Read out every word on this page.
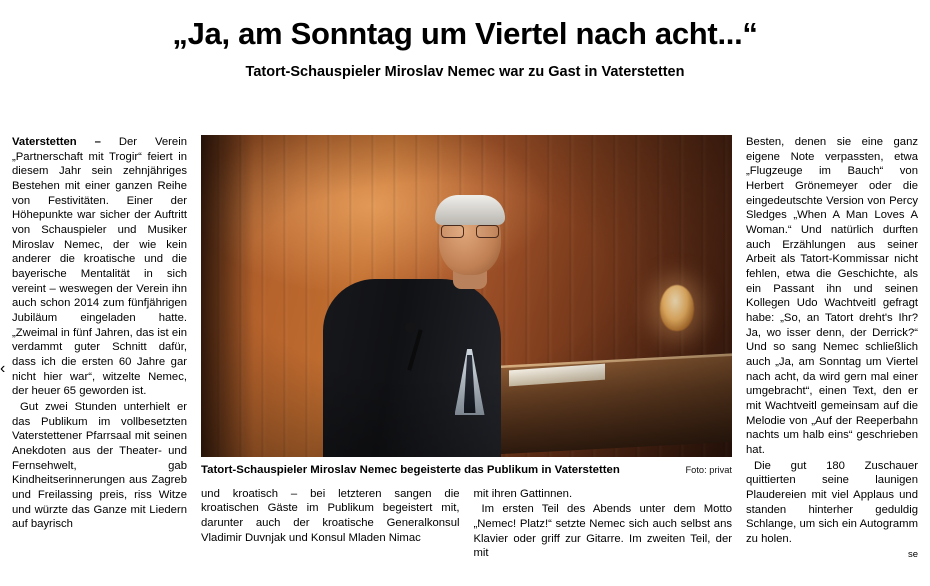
„Ja, am Sonntag um Viertel nach acht...“
Tatort-Schauspieler Miroslav Nemec war zu Gast in Vaterstetten
‹

Vaterstetten – Der Verein „Partnerschaft mit Trogir“ feiert in diesem Jahr sein zehnjähriges Bestehen mit einer ganzen Reihe von Festivitäten. Einer der Höhepunkte war sicher der Auftritt von Schauspieler und Musiker Miroslav Nemec, der wie kein anderer die kroatische und die bayerische Mentalität in sich vereint – weswegen der Verein ihn auch schon 2014 zum fünfjährigen Jubiläum eingeladen hatte. „Zweimal in fünf Jahren, das ist ein verdammt guter Schnitt dafür, dass ich die ersten 60 Jahre gar nicht hier war“, witzelte Nemec, der heuer 65 geworden ist.

Gut zwei Stunden unterhielt er das Publikum im vollbesetzten Vaterstettener Pfarrsaal mit seinen Anekdoten aus der Theater- und Fernsehwelt, gab Kindheitserinnerungen aus Zagreb und Freilassing preis, riss Witze und würzte das Ganze mit Liedern auf bayrisch

Tatort-Schauspieler Miroslav Nemec begeisterte das Publikum in Vaterstetten	Foto: privat

und kroatisch – bei letzteren sangen die kroatischen Gäste im Publikum begeistert mit, darunter auch der kroatische Generalkonsul Vladimir Duvnjak und Konsul Mladen Nimac

mit ihren Gattinnen.

Im ersten Teil des Abends unter dem Motto „Nemec! Platz!“ setzte Nemec sich auch selbst ans Klavier oder griff zur Gitarre. Im zweiten Teil, der mit

Besten, denen sie eine ganz eigene Note verpassten, etwa „Flugzeuge im Bauch“ von Herbert Grönemeyer oder die eingedeutschte Version von Percy Sledges „When A Man Loves A Woman.“ Und natürlich durften auch Erzählungen aus seiner Arbeit als Tatort-Kommissar nicht fehlen, etwa die Geschichte, als ein Passant ihn und seinen Kollegen Udo Wachtveitl gefragt habe: „So, an Tatort dreht's Ihr? Ja, wo isser denn, der Derrick?“ Und so sang Nemec schließlich auch „Ja, am Sonntag um Viertel nach acht, da wird gern mal einer umgebracht“, einen Text, den er mit Wachtveitl gemeinsam auf die Melodie von „Auf der Reeperbahn nachts um halb eins“ geschrieben hat.

Die gut 180 Zuschauer quittierten seine launigen Plaudereien mit viel Applaus und standen hinterher geduldig Schlange, um sich ein Autogramm zu holen.

se
